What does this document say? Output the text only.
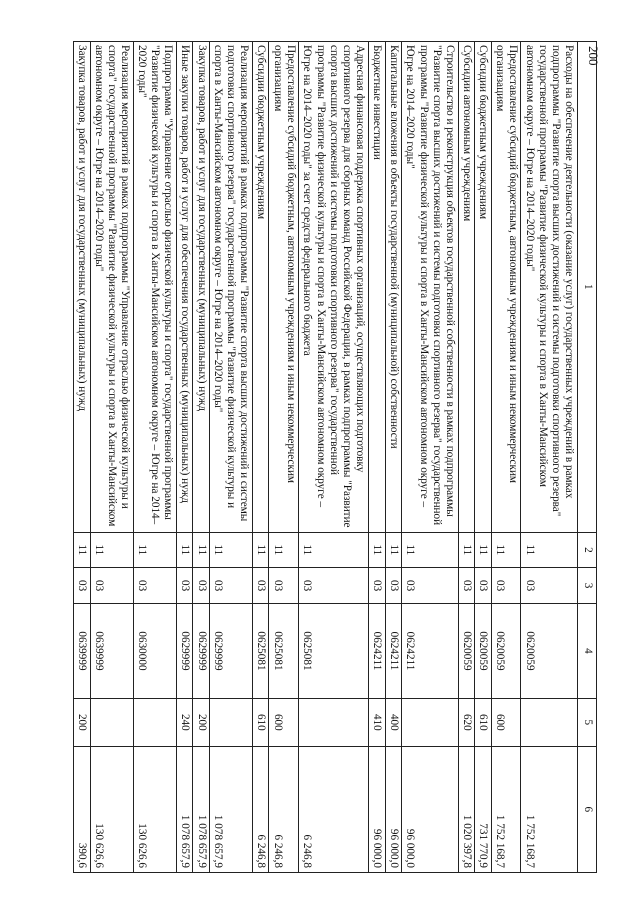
200
1	2	3	4	5	6
Расходы на обеспечение деятельности (оказание услуг) государственных учреждений в рамках подпрограммы "Развитие спорта высших достижений и системы подготовки спортивного резерва" государственной программы "Развитие физической культуры и спорта в Ханты-Мансийском автономном округе – Югре на 2014–2020 годы"	11	03	0620059		1 752 168,7
Предоставление субсидий бюджетным, автономным учреждениям и иным некоммерческим организациям	11	03	0620059	600	1 752 168,7
Субсидии бюджетным учреждениям	11	03	0620059	610	731 770,9
Субсидии автономным учреждениям	11	03	0620059	620	1 020 397,8
Строительство и реконструкция объектов государственной собственности в рамках подпрограммы "Развитие спорта высших достижений и системы подготовки спортивного резерва" государственной программы "Развитие физической культуры и спорта в Ханты-Мансийском автономном округе – Югре на 2014–2020 годы"	11	03	0624211		96 000,0
Капитальные вложения в объекты государственной (муниципальной) собственности	11	03	0624211	400	96 000,0
Бюджетные инвестиции	11	03	0624211	410	96 000,0
Адресная финансовая поддержка спортивных организаций, осуществляющих подготовку спортивного резерва для сборных команд Российской Федерации, в рамках подпрограммы "Развитие спорта высших достижений и системы подготовки спортивного резерва" государственной программы "Развитие физической культуры и спорта в Ханты-Мансийском автономном округе – Югре на 2014–2020 годы" за счет средств федерального бюджета	11	03	0625081		6 246,8
Предоставление субсидий бюджетным, автономным учреждениям и иным некоммерческим организациям	11	03	0625081	600	6 246,8
Субсидии бюджетным учреждениям	11	03	0625081	610	6 246,8
Реализация мероприятий в рамках подпрограммы "Развитие спорта высших достижений и системы подготовки спортивного резерва" государственной программы "Развитие физической культуры и спорта в Ханты-Мансийском автономном округе – Югре на 2014–2020 годы"	11	03	0629999		1 078 657,9
Закупка товаров, работ и услуг для государственных (муниципальных) нужд	11	03	0629999	200	1 078 657,9
Иные закупки товаров, работ и услуг для обеспечения государственных (муниципальных) нужд	11	03	0629999	240	1 078 657,9
Подпрограмма "Управление отраслью физической культуры и спорта" государственной программы "Развитие физической культуры и спорта в Ханты-Мансийском автономном округе – Югре на 2014–2020 годы"	11	03	0630000		130 626,6
Реализация мероприятий в рамках подпрограммы "Управление отраслью физической культуры и спорта" государственной программы "Развитие физической культуры и спорта в Ханты-Мансийском автономном округе – Югре на 2014–2020 годы"	11	03	0639999		130 626,6
Закупка товаров, работ и услуг для государственных (муниципальных) нужд	11	03	0639999	200	390,6
